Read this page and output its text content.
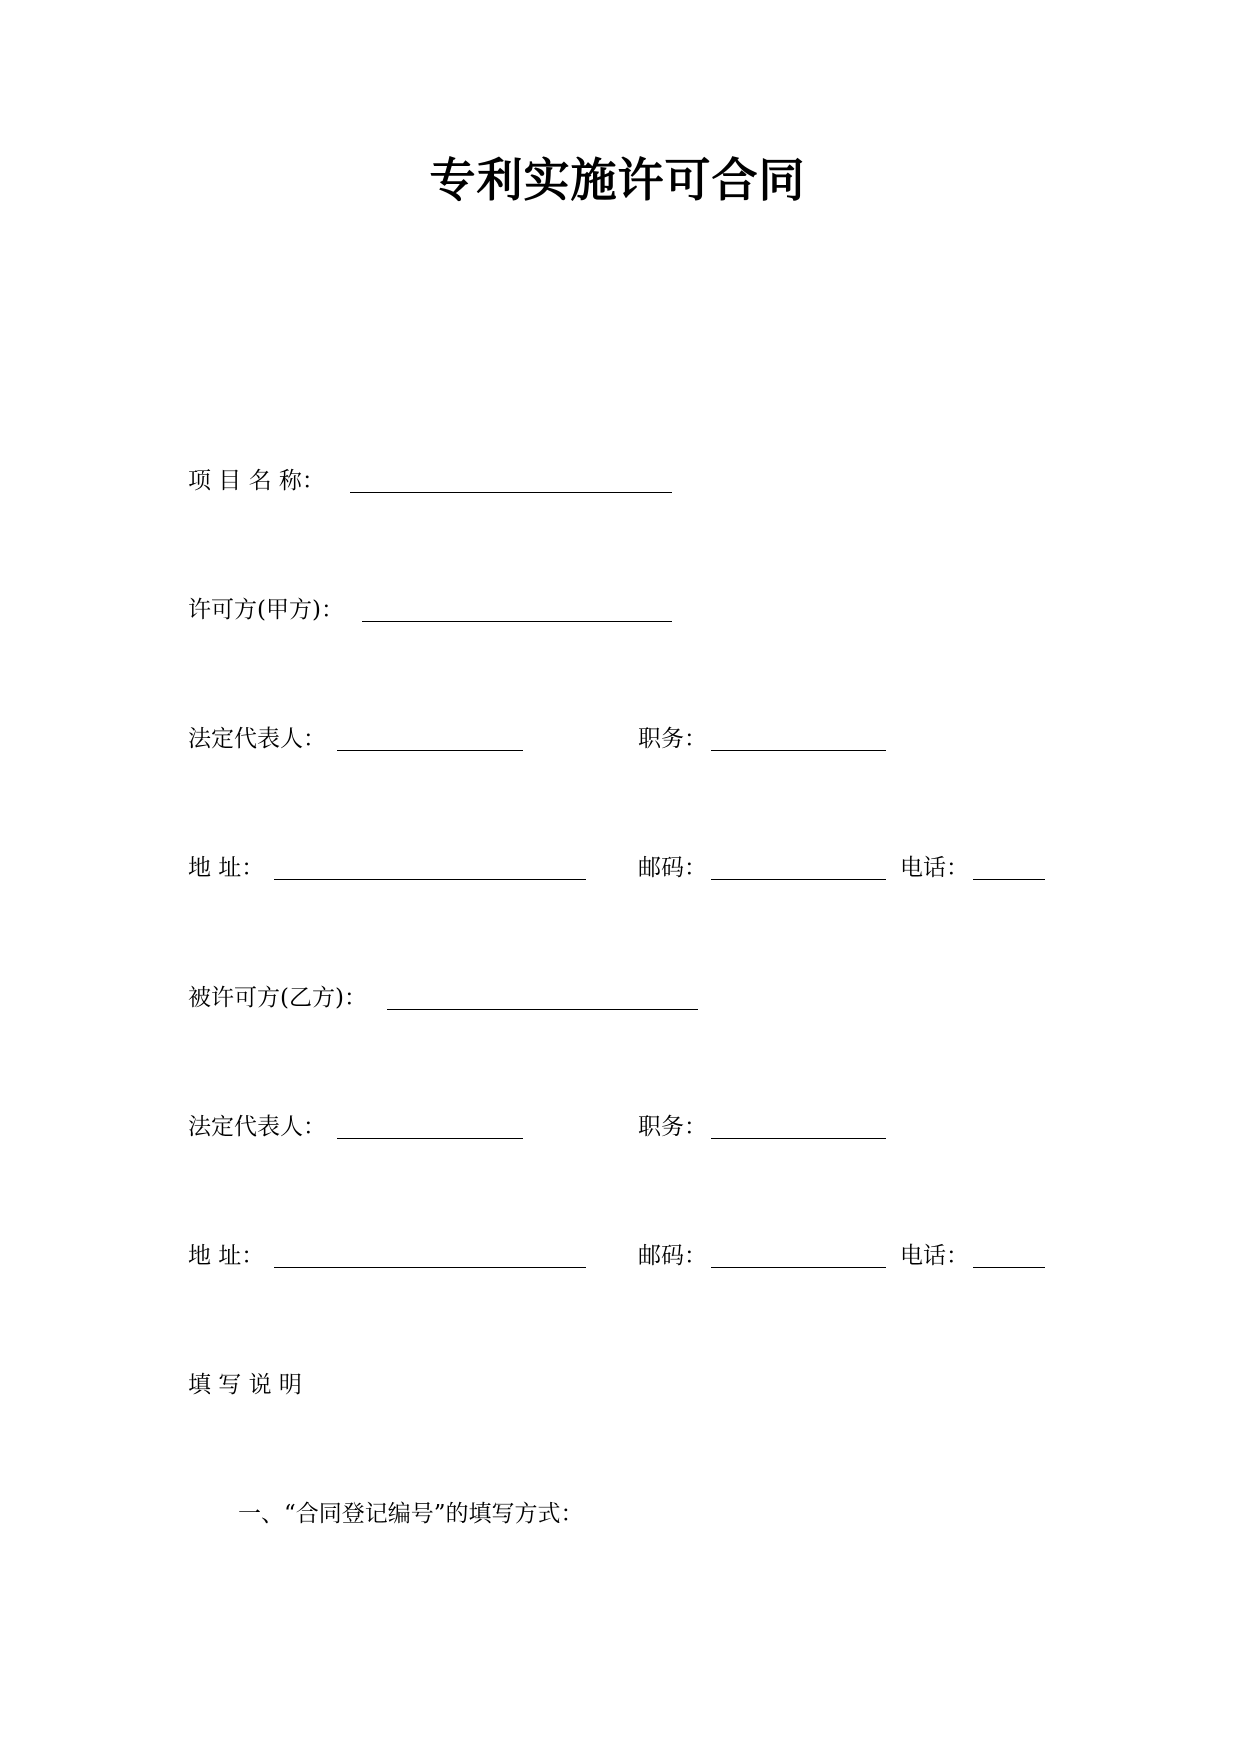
专利实施许可合同
项 目 名 称：
许可方(甲方)：
法定代表人：	职务：
地 址：	邮码：	电话：
被许可方(乙方)：
法定代表人：	职务：
地 址：	邮码：	电话：
填 写 说 明
一、“合同登记编号”的填写方式：
